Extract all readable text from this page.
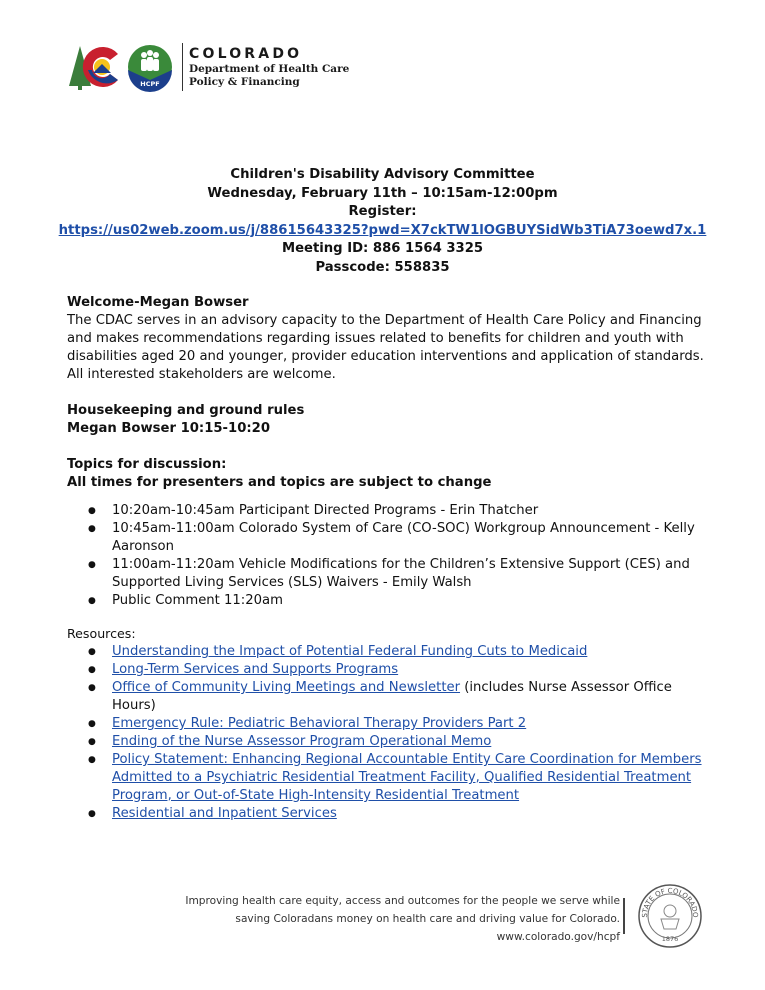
HCPF
COLORADO
Department of Health Care
Policy & Financing
Children's Disability Advisory Committee
Wednesday, February 11th – 10:15am-12:00pm
Register:
https://us02web.zoom.us/j/88615643325?pwd=X7ckTW1lOGBUYSidWb3TiA73oewd7x.1
Meeting ID: 886 1564 3325
Passcode: 558835
Welcome-Megan Bowser
The CDAC serves in an advisory capacity to the Department of Health Care Policy and Financing and makes recommendations regarding issues related to benefits for children and youth with disabilities aged 20 and younger, provider education interventions and application of standards. All interested stakeholders are welcome.
Housekeeping and ground rules
Megan Bowser 10:15-10:20
Topics for discussion:
All times for presenters and topics are subject to change
● 10:20am-10:45am Participant Directed Programs - Erin Thatcher
● 10:45am-11:00am Colorado System of Care (CO-SOC) Workgroup Announcement - Kelly Aaronson
● 11:00am-11:20am Vehicle Modifications for the Children’s Extensive Support (CES) and Supported Living Services (SLS) Waivers - Emily Walsh
● Public Comment 11:20am
Resources:
● Understanding the Impact of Potential Federal Funding Cuts to Medicaid
● Long-Term Services and Supports Programs
● Office of Community Living Meetings and Newsletter (includes Nurse Assessor Office Hours)
● Emergency Rule: Pediatric Behavioral Therapy Providers Part 2
● Ending of the Nurse Assessor Program Operational Memo
● Policy Statement: Enhancing Regional Accountable Entity Care Coordination for Members Admitted to a Psychiatric Residential Treatment Facility, Qualified Residential Treatment Program, or Out-of-State High-Intensity Residential Treatment
● Residential and Inpatient Services
Improving health care equity, access and outcomes for the people we serve while
saving Coloradans money on health care and driving value for Colorado.
www.colorado.gov/hcpf
STATE OF COLORADO
1876
